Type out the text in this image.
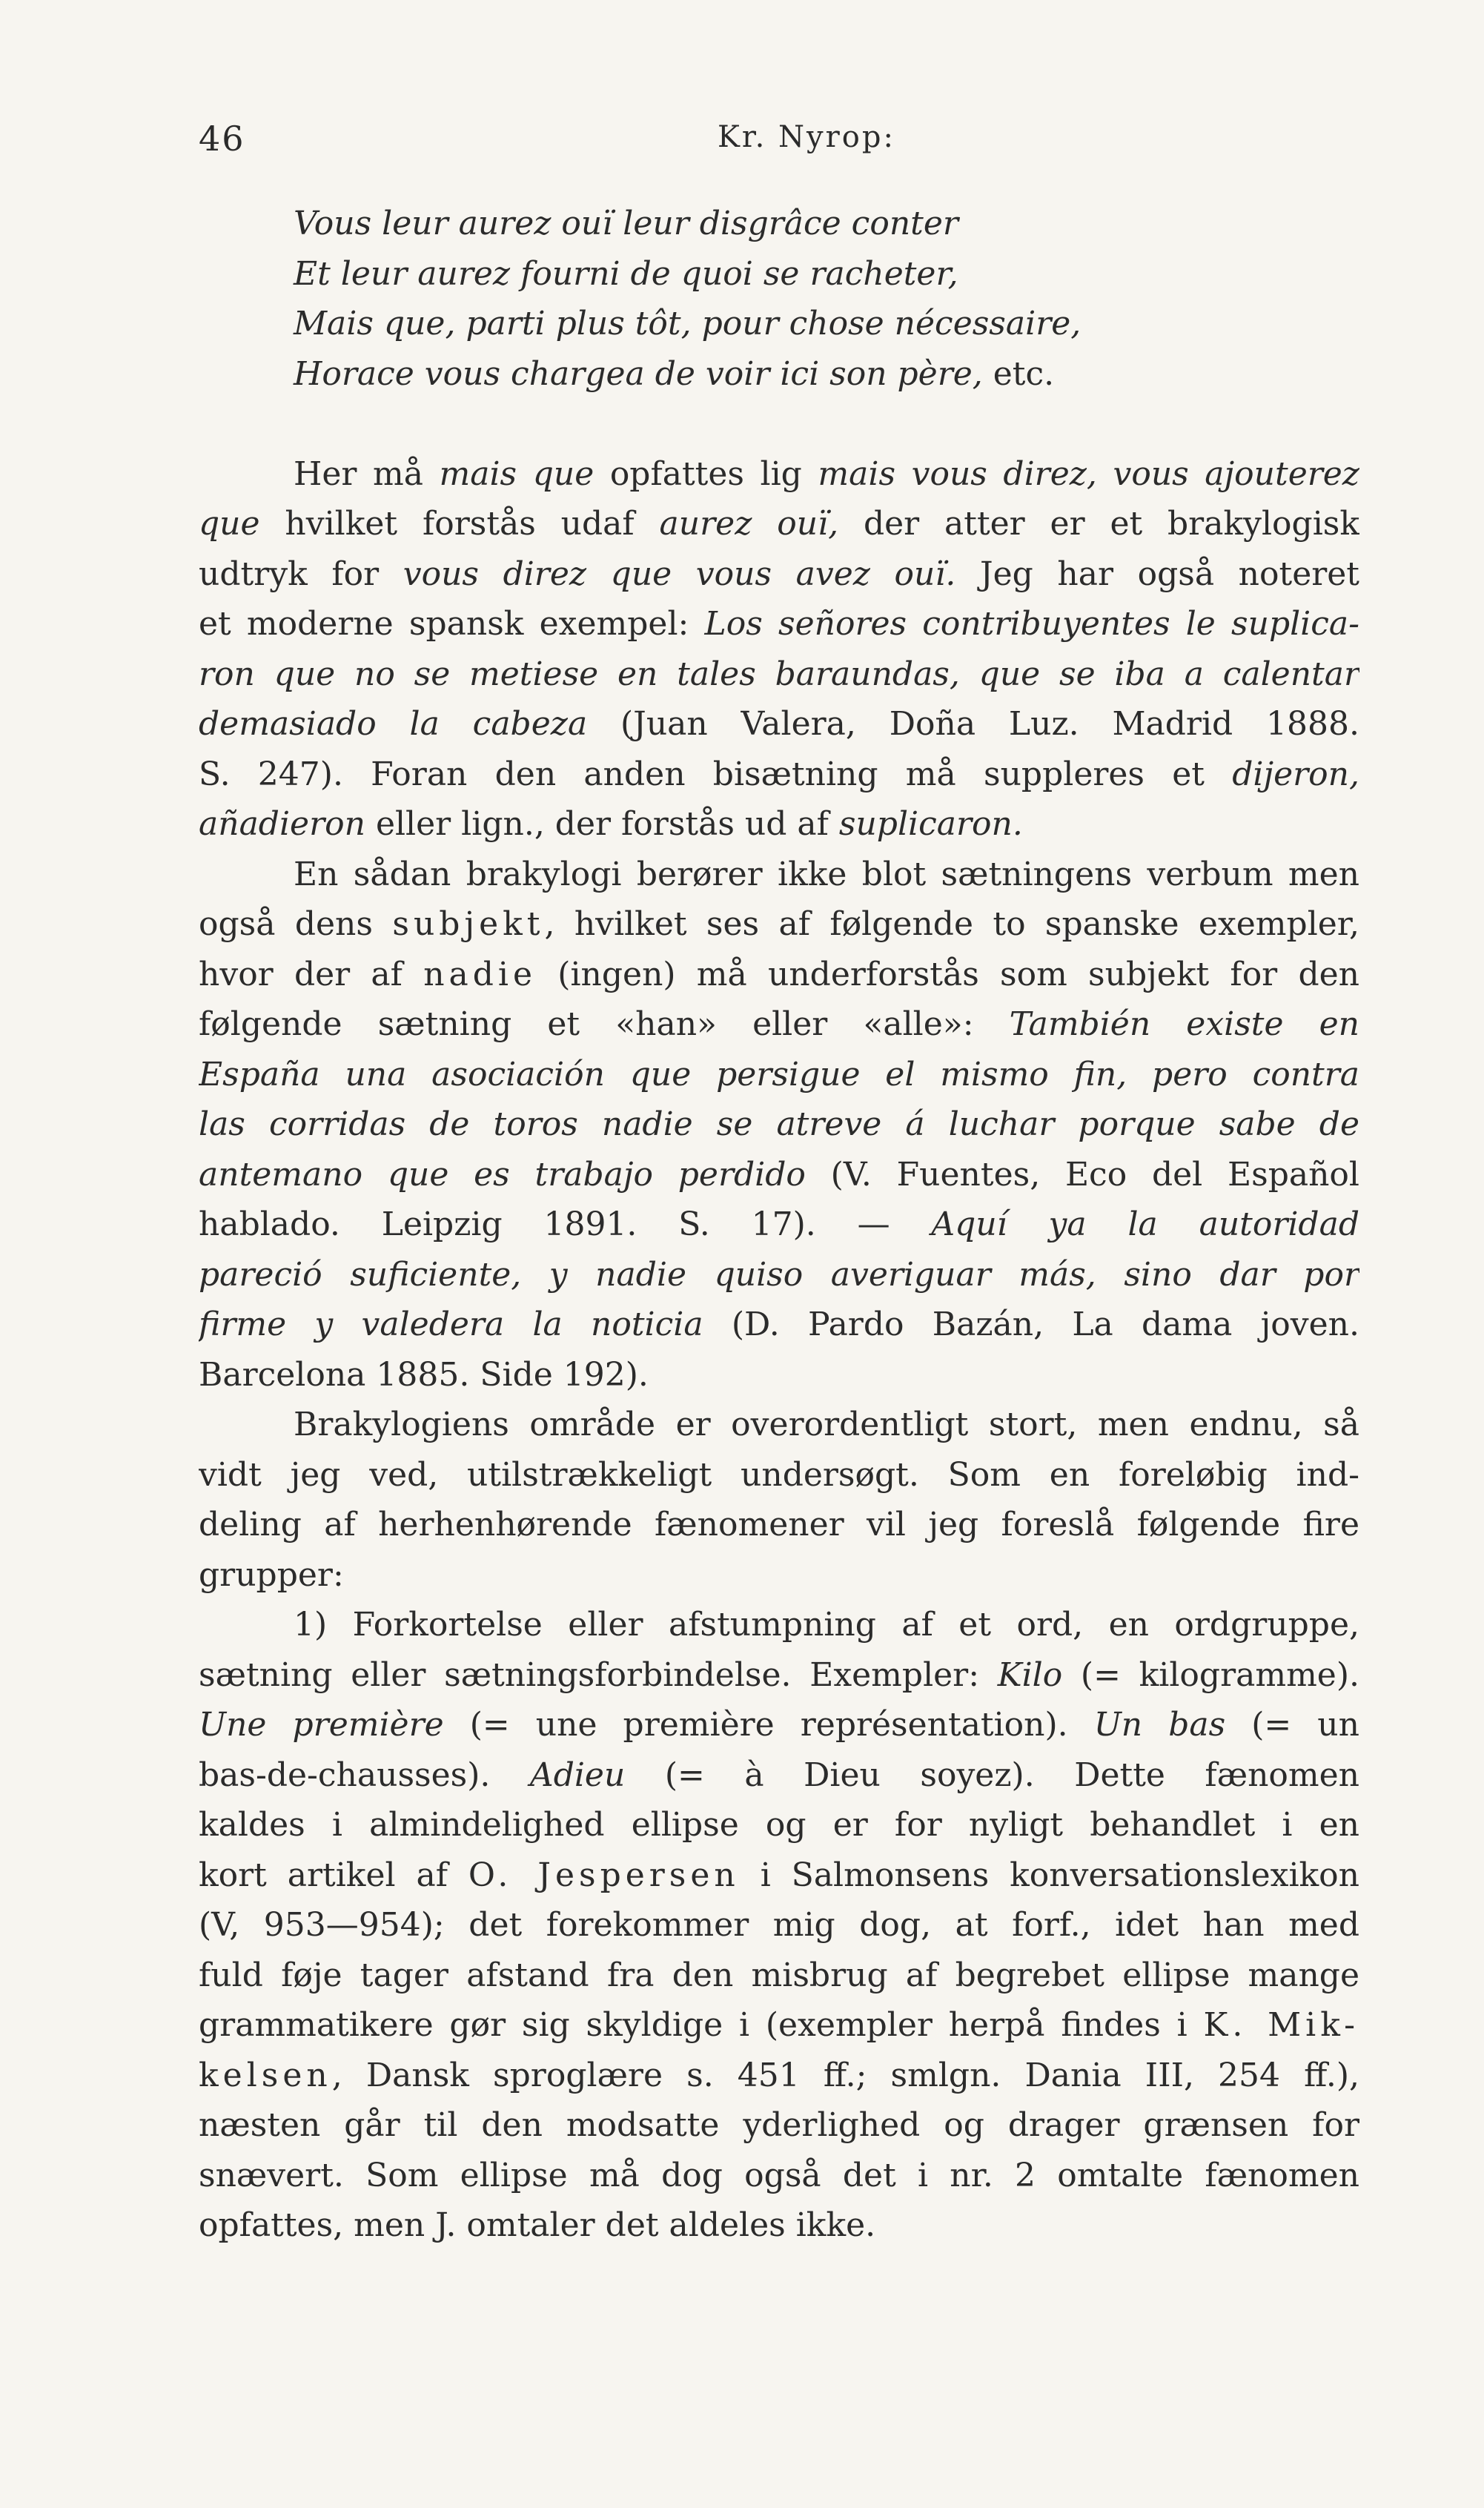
46	Kr. Nyrop:
Vous leur aurez ouï leur disgrâce conter
Et leur aurez fourni de quoi se racheter,
Mais que, parti plus tôt, pour chose nécessaire,
Horace vous chargea de voir ici son père, etc.
Her må mais que opfattes lig mais vous direz, vous ajouterez
que hvilket forstås udaf aurez ouï, der atter er et brakylogisk
udtryk for vous direz que vous avez ouï. Jeg har også noteret
et moderne spansk exempel: Los señores contribuyentes le suplica-
ron que no se metiese en tales baraundas, que se iba a calentar
demasiado la cabeza (Juan Valera, Doña Luz. Madrid 1888.
S. 247). Foran den anden bisætning må suppleres et dijeron,
añadieron eller lign., der forstås ud af suplicaron.
En sådan brakylogi berører ikke blot sætningens verbum men
også dens subjekt, hvilket ses af følgende to spanske exempler,
hvor der af nadie (ingen) må underforstås som subjekt for den
følgende sætning et «han» eller «alle»: También existe en
España una asociación que persigue el mismo fin, pero contra
las corridas de toros nadie se atreve á luchar porque sabe de
antemano que es trabajo perdido (V. Fuentes, Eco del Español
hablado. Leipzig 1891. S. 17). — Aquí ya la autoridad
pareció suficiente, y nadie quiso averiguar más, sino dar por
firme y valedera la noticia (D. Pardo Bazán, La dama joven.
Barcelona 1885. Side 192).
Brakylogiens område er overordentligt stort, men endnu, så
vidt jeg ved, utilstrækkeligt undersøgt. Som en foreløbig ind-
deling af herhenhørende fænomener vil jeg foreslå følgende fire
grupper:
1) Forkortelse eller afstumpning af et ord, en ordgruppe,
sætning eller sætningsforbindelse. Exempler: Kilo (= kilogramme).
Une première (= une première représentation). Un bas (= un
bas-de-chausses). Adieu (= à Dieu soyez). Dette fænomen
kaldes i almindelighed ellipse og er for nyligt behandlet i en
kort artikel af O. Jespersen i Salmonsens konversationslexikon
(V, 953—954); det forekommer mig dog, at forf., idet han med
fuld føje tager afstand fra den misbrug af begrebet ellipse mange
grammatikere gør sig skyldige i (exempler herpå findes i K. Mik-
kelsen, Dansk sproglære s. 451 ff.; smlgn. Dania III, 254 ff.),
næsten går til den modsatte yderlighed og drager grænsen for
snævert. Som ellipse må dog også det i nr. 2 omtalte fænomen
opfattes, men J. omtaler det aldeles ikke.
